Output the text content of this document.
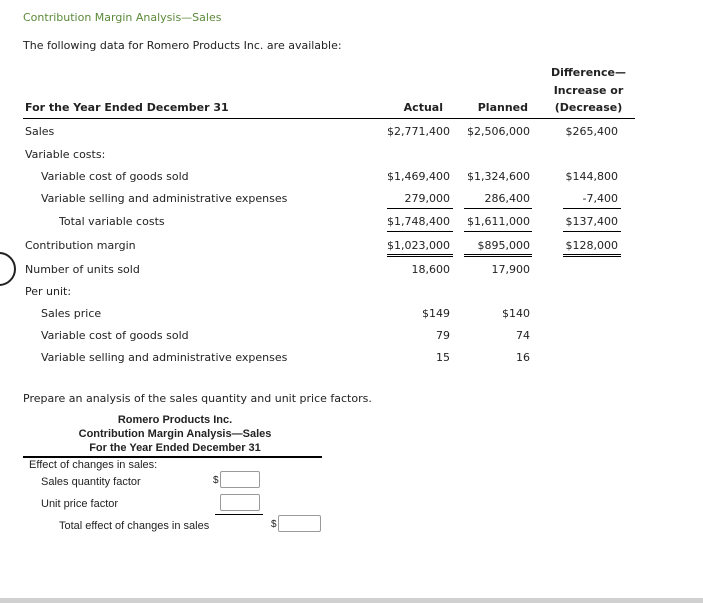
Contribution Margin Analysis—Sales
The following data for Romero Products Inc. are available:
For the Year Ended December 31	Actual	Planned
Difference—
Increase or
(Decrease)
Sales	$2,771,400	$2,506,000	$265,400
Variable costs:
Variable cost of goods sold	$1,469,400	$1,324,600	$144,800
Variable selling and administrative expenses	279,000	286,400	-7,400
Total variable costs	$1,748,400	$1,611,000	$137,400
Contribution margin	$1,023,000	$895,000	$128,000
Number of units sold	18,600	17,900
Per unit:
Sales price	$149	$140
Variable cost of goods sold	79	74
Variable selling and administrative expenses	15	16
Prepare an analysis of the sales quantity and unit price factors.
Romero Products Inc.
Contribution Margin Analysis—Sales
For the Year Ended December 31
Effect of changes in sales:
Sales quantity factor	$
Unit price factor
Total effect of changes in sales	$
